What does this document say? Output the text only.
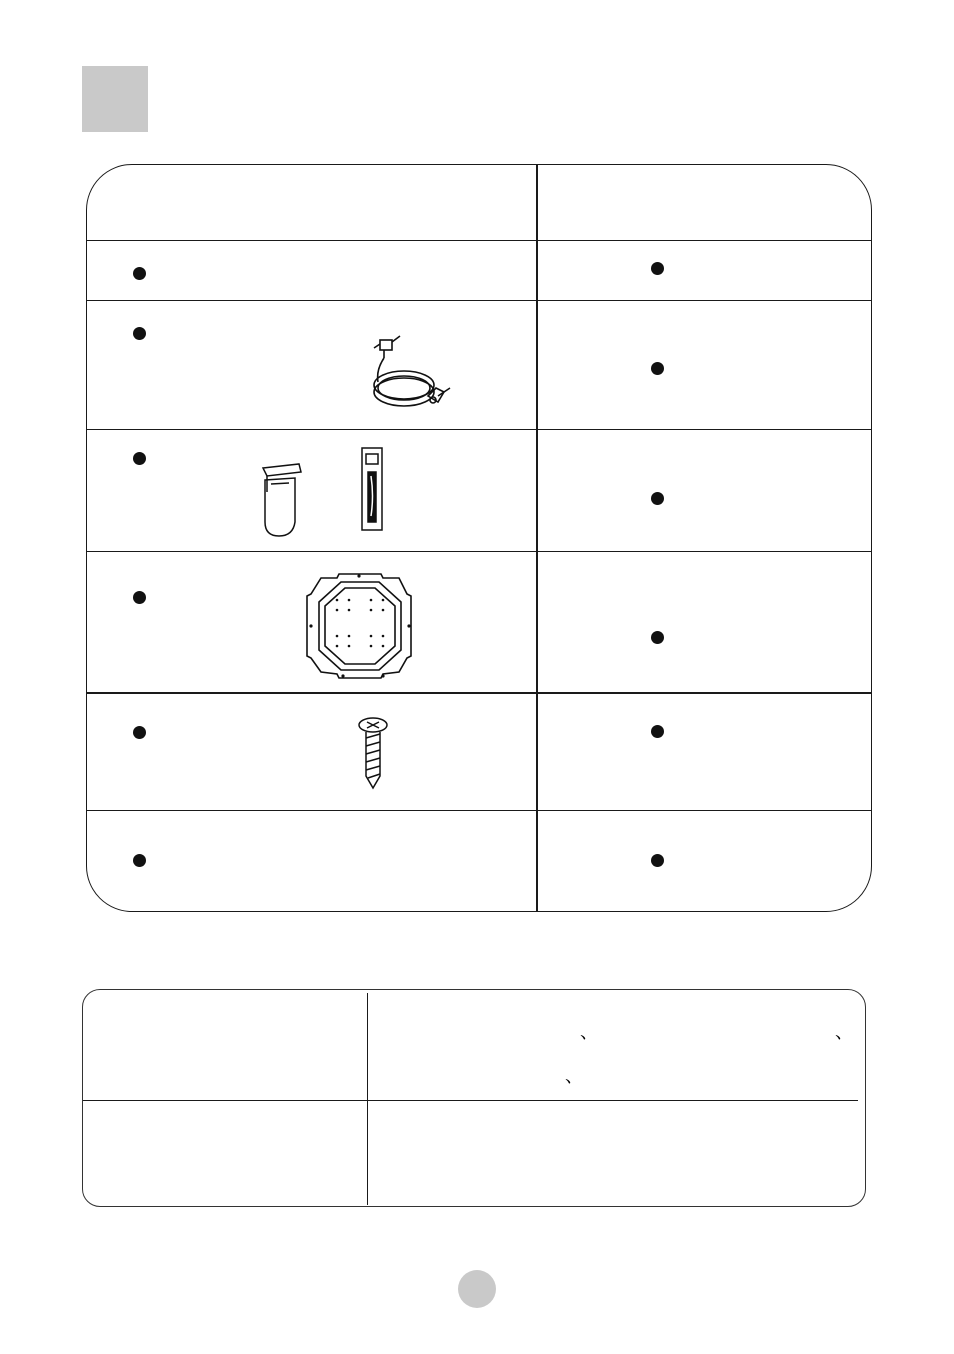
、	、
、
